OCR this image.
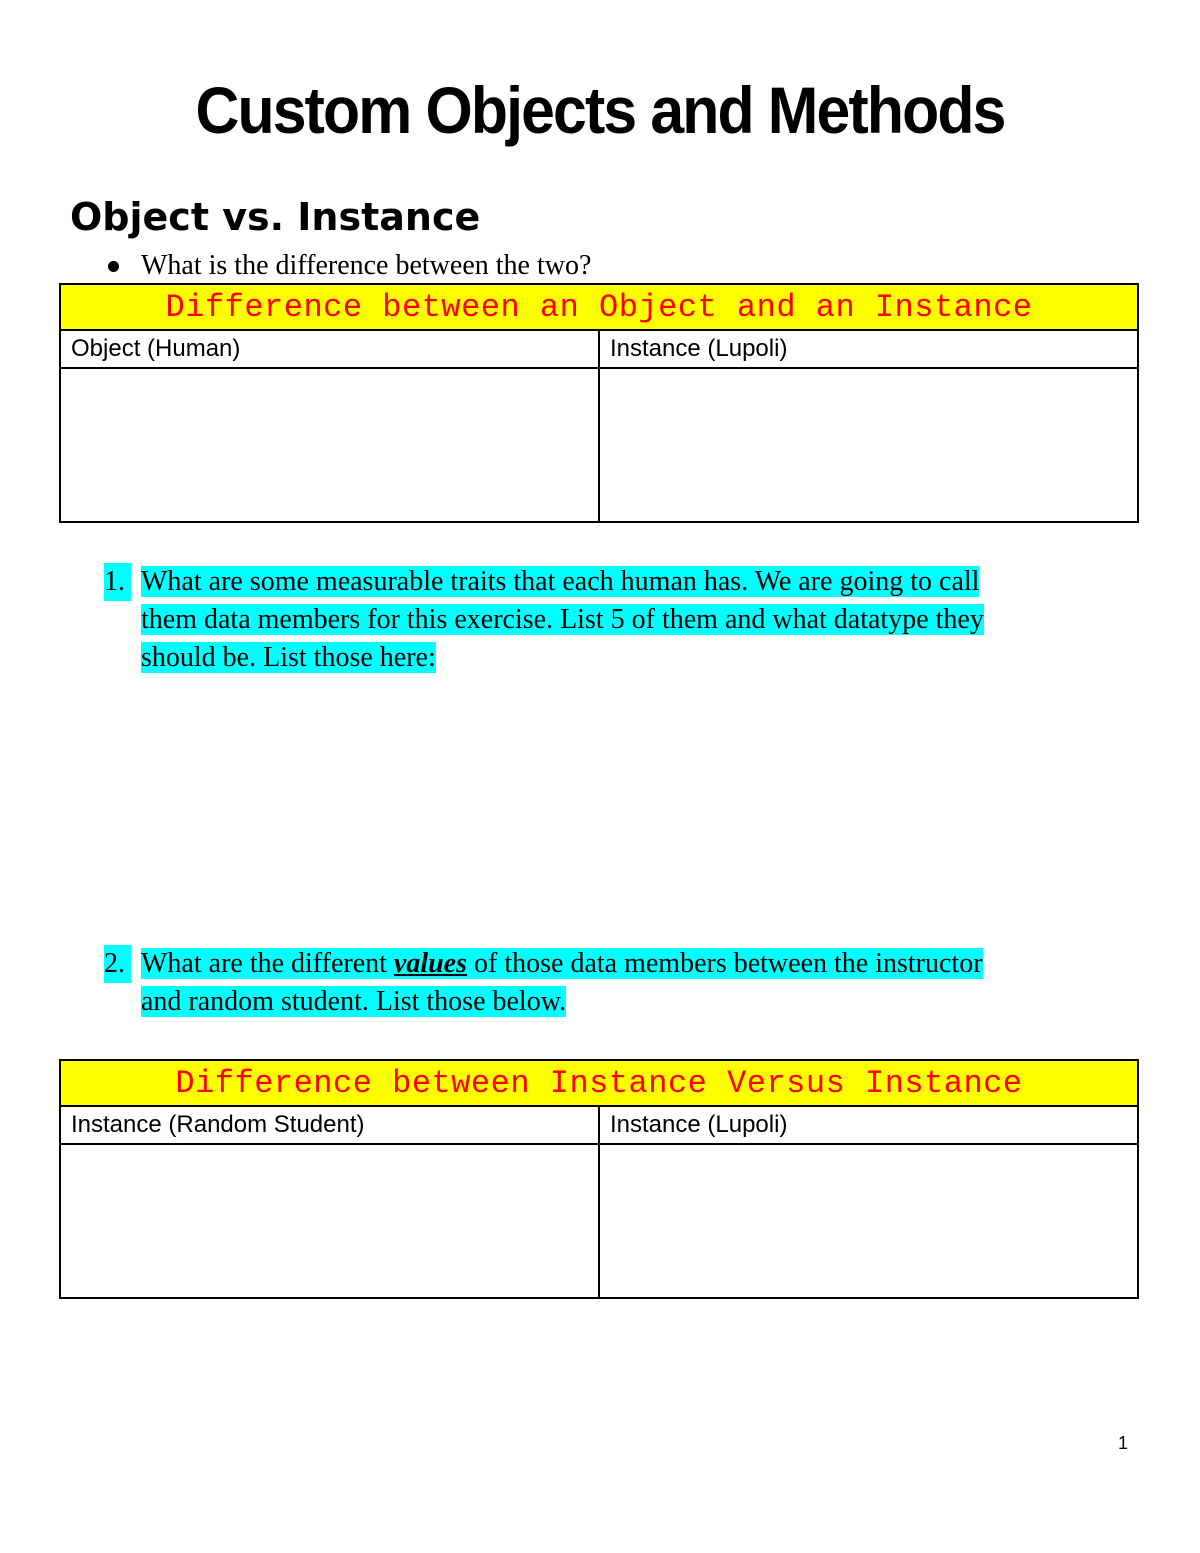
Custom Objects and Methods
Object vs. Instance
What is the difference between the two?
Difference between an Object and an Instance	
Object (Human)	Instance (Lupoli)

1. What are some measurable traits that each human has. We are going to call
them data members for this exercise. List 5 of them and what datatype they
should be. List those here:
2. What are the different values of those data members between the instructor
and random student. List those below.
Difference between Instance Versus Instance	
Instance (Random Student)	Instance (Lupoli)

1
